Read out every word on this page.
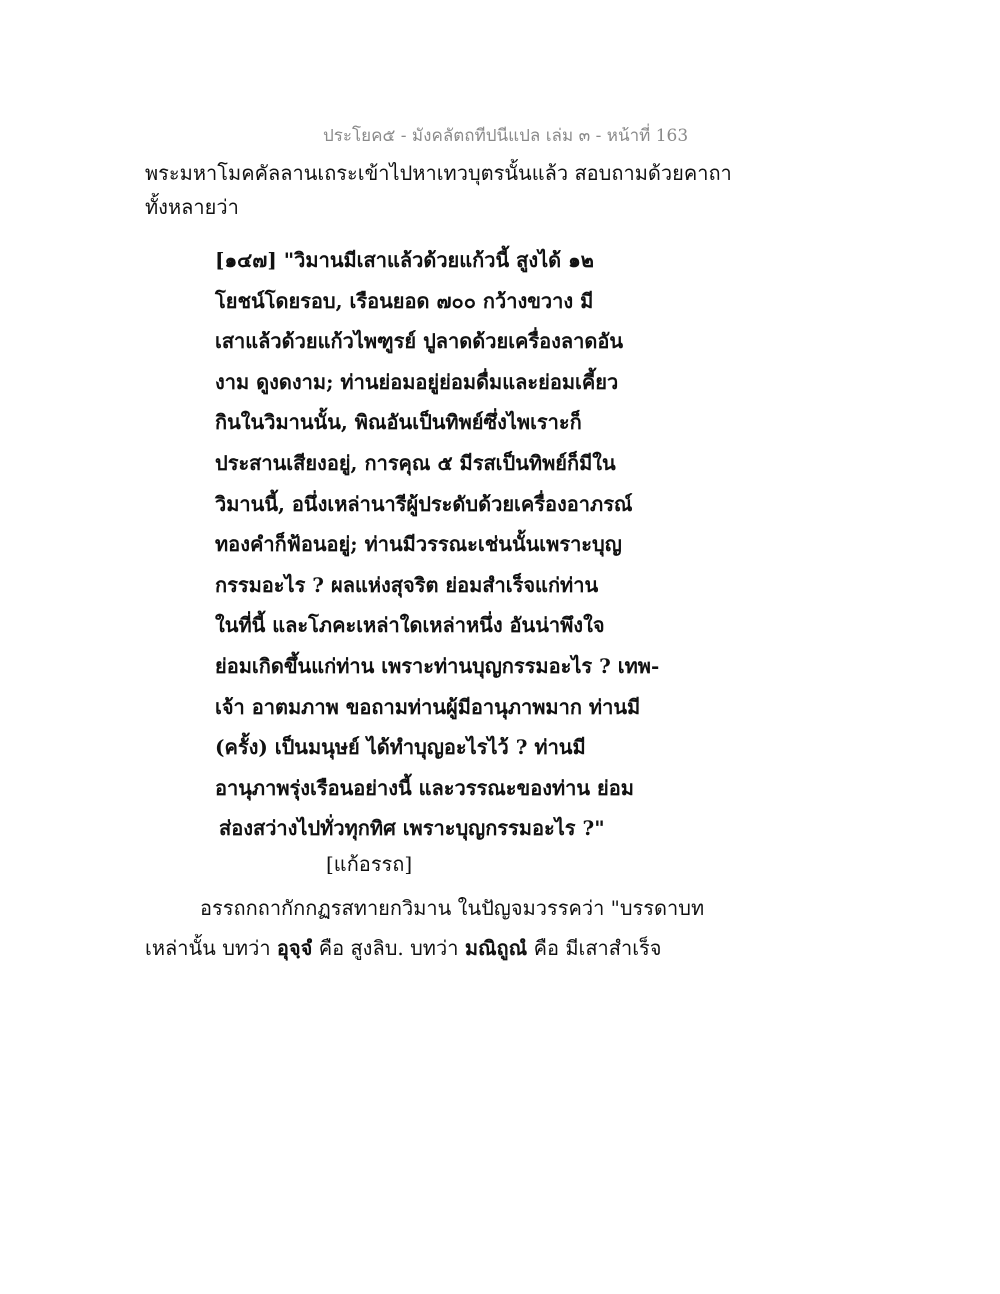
ประโยค๕ - มังคลัตถทีปนีแปล เล่ม ๓ - หน้าที่ 163
พระมหาโมคคัลลานเถระเข้าไปหาเทวบุตรนั้นแล้ว สอบถามด้วยคาถา
ทั้งหลายว่า
[๑๔๗] "วิมานมีเสาแล้วด้วยแก้วนี้ สูงได้ ๑๒
โยชน์โดยรอบ, เรือนยอด ๗๐๐ กว้างขวาง มี
เสาแล้วด้วยแก้วไพฑูรย์ ปูลาดด้วยเครื่องลาดอัน
งาม ดูงดงาม; ท่านย่อมอยู่ย่อมดื่มและย่อมเคี้ยว
กินในวิมานนั้น, พิณอันเป็นทิพย์ซึ่งไพเราะก็
ประสานเสียงอยู่, การคุณ ๕ มีรสเป็นทิพย์ก็มีใน
วิมานนี้, อนึ่งเหล่านารีผู้ประดับด้วยเครื่องอาภรณ์
ทองคำก็ฟ้อนอยู่; ท่านมีวรรณะเช่นนั้นเพราะบุญ
กรรมอะไร ? ผลแห่งสุจริต ย่อมสำเร็จแก่ท่าน
ในที่นี้ และโภคะเหล่าใดเหล่าหนึ่ง อันน่าพึงใจ
ย่อมเกิดขึ้นแก่ท่าน เพราะท่านบุญกรรมอะไร ? เทพ-
เจ้า อาตมภาพ ขอถามท่านผู้มีอานุภาพมาก ท่านมี
(ครั้ง) เป็นมนุษย์ ได้ทำบุญอะไรไว้ ? ท่านมี
อานุภาพรุ่งเรือนอย่างนี้ และวรรณะของท่าน ย่อม
ส่องสว่างไปทั่วทุกทิศ เพราะบุญกรรมอะไร ?"
[แก้อรรถ]
อรรถกถากักกฏรสทายกวิมาน ในปัญจมวรรคว่า "บรรดาบท
เหล่านั้น บทว่า อุจฺจํ คือ สูงลิบ. บทว่า มณิถูณํ คือ มีเสาสำเร็จ
